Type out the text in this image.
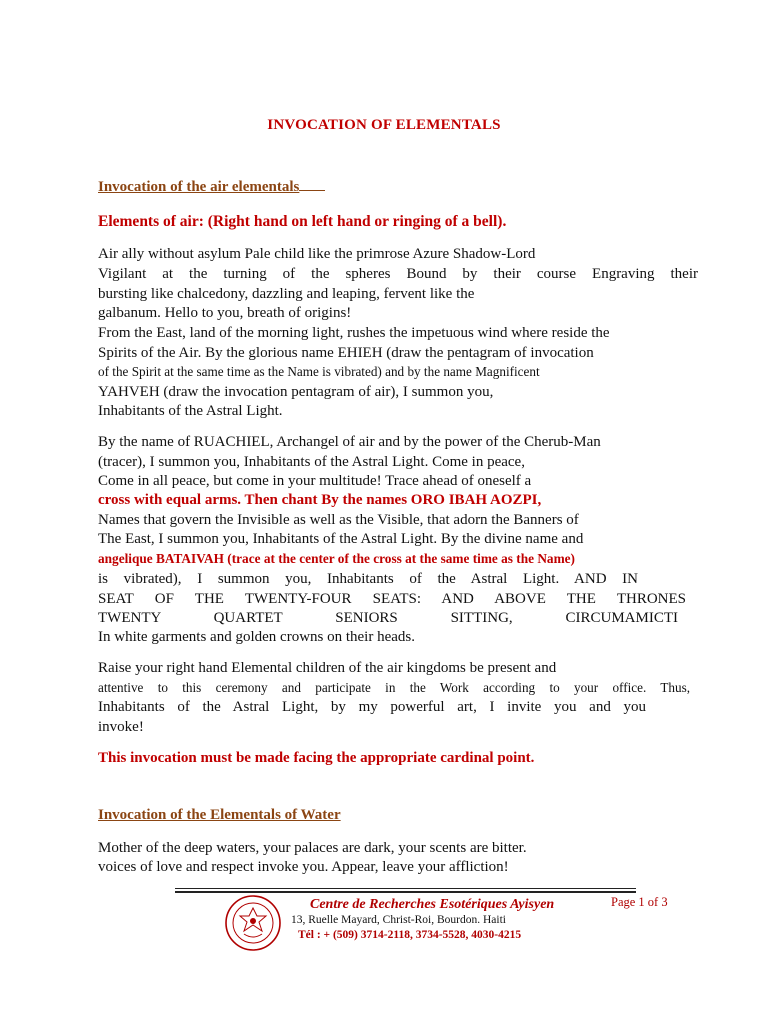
INVOCATION OF ELEMENTALS
Invocation of the air elementals
Elements of air: (Right hand on left hand or ringing of a bell).
Air ally without asylum Pale child like the primrose Azure Shadow-Lord
Vigilant at the turning of the spheres Bound by their course Engraving their
bursting like chalcedony, dazzling and leaping, fervent like the
galbanum. Hello to you, breath of origins!
From the East, land of the morning light, rushes the impetuous wind where reside the
Spirits of the Air. By the glorious name EHIEH (draw the pentagram of invocation
of the Spirit at the same time as the Name is vibrated) and by the name Magnificent
YAHVEH (draw the invocation pentagram of air), I summon you,
Inhabitants of the Astral Light.
By the name of RUACHIEL, Archangel of air and by the power of the Cherub-Man
(tracer), I summon you, Inhabitants of the Astral Light. Come in peace,
Come in all peace, but come in your multitude! Trace ahead of oneself a
cross with equal arms. Then chant By the names ORO IBAH AOZPI,
Names that govern the Invisible as well as the Visible, that adorn the Banners of
The East, I summon you, Inhabitants of the Astral Light. By the divine name and
angelique BATAIVAH (trace at the center of the cross at the same time as the Name)
is vibrated), I summon you, Inhabitants of the Astral Light. AND IN
SEAT OF THE TWENTY-FOUR SEATS: AND ABOVE THE THRONES
TWENTY QUARTET SENIORS SITTING, CIRCUMAMICTI
In white garments and golden crowns on their heads.
Raise your right hand Elemental children of the air kingdoms be present and
attentive to this ceremony and participate in the Work according to your office. Thus,
Inhabitants of the Astral Light, by my powerful art, I invite you and you
invoke!
This invocation must be made facing the appropriate cardinal point.
Invocation of the Elementals of Water
Mother of the deep waters, your palaces are dark, your scents are bitter.
voices of love and respect invoke you. Appear, leave your affliction!
Centre de Recherches Esotériques Ayisyen
13, Ruelle Mayard, Christ-Roi, Bourdon. Haiti
Tél : + (509) 3714-2118, 3734-5528, 4030-4215
Page 1 of 3
